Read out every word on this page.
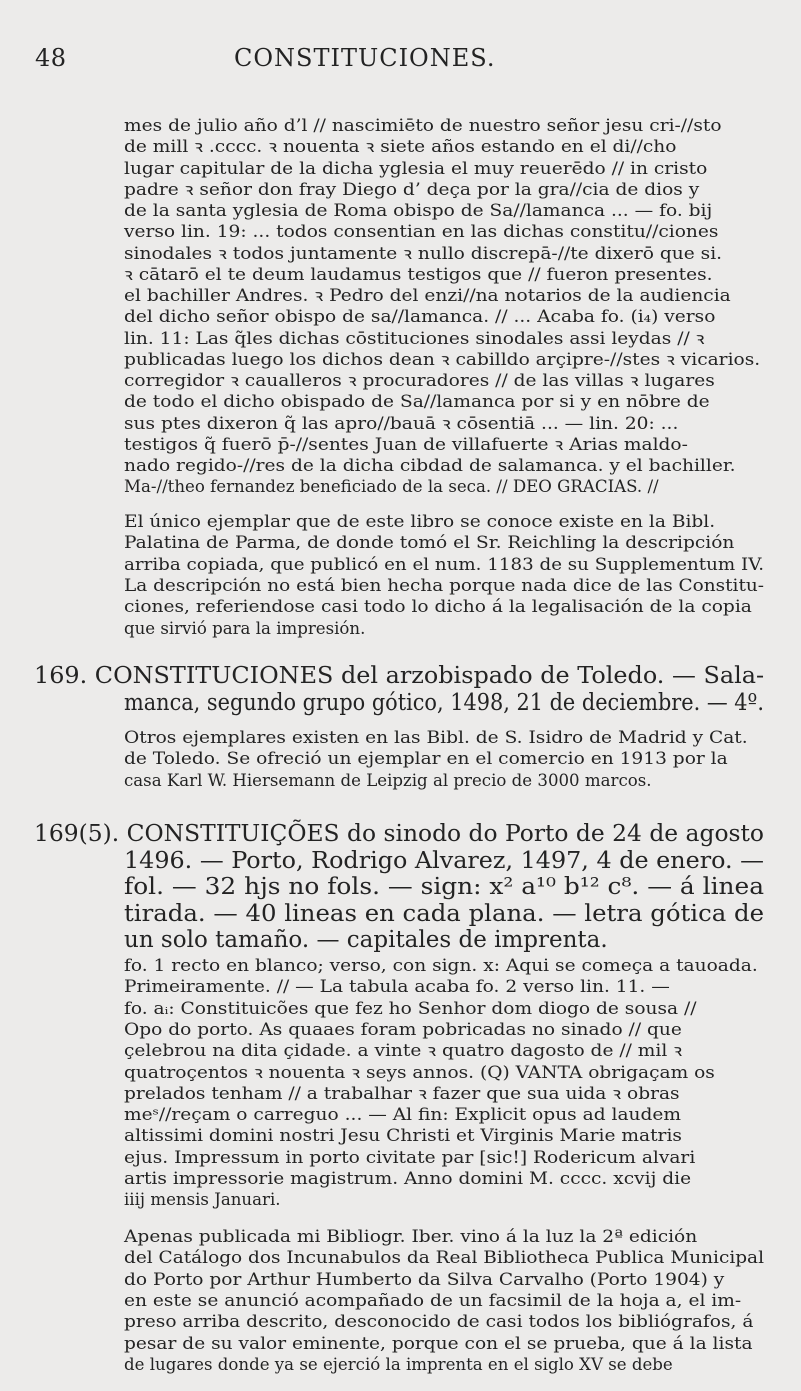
48	CONSTITUCIONES.
mes de julio año d’l // nascimiēto de nuestro señor jesu cri-//sto
de mill ꝛ .cccc. ꝛ nouenta ꝛ siete años estando en el di//cho
lugar capitular de la dicha yglesia el muy reuerēdo // in cristo
padre ꝛ señor don fray Diego d’ deça por la gra//cia de dios y
de la santa yglesia de Roma obispo de Sa//lamanca ... — fo. bij
verso lin. 19: ... todos consentian en las dichas constitu//ciones
sinodales ꝛ todos juntamente ꝛ nullo discrepā-//te dixerō que si.
ꝛ cātarō el te deum laudamus testigos que // fueron presentes.
el bachiller Andres. ꝛ Pedro del enzi//na notarios de la audiencia
del dicho señor obispo de sa//lamanca. // ... Acaba fo. (i₄) verso
lin. 11: Las q̃les dichas cōstituciones sinodales assi leydas // ꝛ
publicadas luego los dichos dean ꝛ cabilldo arçipre-//stes ꝛ vicarios.
corregidor ꝛ caualleros ꝛ procuradores // de las villas ꝛ lugares
de todo el dicho obispado de Sa//lamanca por si y en nōbre de
sus ptes dixeron q̃ las apro//bauā ꝛ cōsentiā ... — lin. 20: ...
testigos q̃ fuerō p̄-//sentes Juan de villafuerte ꝛ Arias maldo-
nado regido-//res de la dicha cibdad de salamanca. y el bachiller.
Ma-//theo fernandez beneficiado de la seca. // DEO GRACIAS. //
El único ejemplar que de este libro se conoce existe en la Bibl.
Palatina de Parma, de donde tomó el Sr. Reichling la descripción
arriba copiada, que publicó en el num. 1183 de su Supplementum IV.
La descripción no está bien hecha porque nada dice de las Constitu-
ciones, referiendose casi todo lo dicho á la legalisación de la copia
que sirvió para la impresión.
169. CONSTITUCIONES del arzobispado de Toledo. — Sala-
manca, segundo grupo gótico, 1498, 21 de deciembre. — 4º.
Otros ejemplares existen en las Bibl. de S. Isidro de Madrid y Cat.
de Toledo. Se ofreció un ejemplar en el comercio en 1913 por la
casa Karl W. Hiersemann de Leipzig al precio de 3000 marcos.
169(5). CONSTITUIÇÕES do sinodo do Porto de 24 de agosto
1496. — Porto, Rodrigo Alvarez, 1497, 4 de enero. —
fol. — 32 hjs no fols. — sign: x² a¹⁰ b¹² c⁸. — á linea
tirada. — 40 lineas en cada plana. — letra gótica de
un solo tamaño. — capitales de imprenta.
fo. 1 recto en blanco; verso, con sign. x: Aqui se começa a tauoada.
Primeiramente. // — La tabula acaba fo. 2 verso lin. 11. —
fo. aᵢ: Constituicões que fez ho Senhor dom diogo de sousa //
Opo do porto. As quaaes foram pobricadas no sinado // que
çelebrou na dita çidade. a vinte ꝛ quatro dagosto de // mil ꝛ
quatroçentos ꝛ nouenta ꝛ seys annos. (Q) VANTA obrigaçam os
prelados tenham // a trabalhar ꝛ fazer que sua uida ꝛ obras
meˢ//reçam o carreguo ... — Al fin: Explicit opus ad laudem
altissimi domini nostri Jesu Christi et Virginis Marie matris
ejus. Impressum in porto civitate par [sic!] Rodericum alvari
artis impressorie magistrum. Anno domini M. cccc. xcvij die
iiij mensis Januari.
Apenas publicada mi Bibliogr. Iber. vino á la luz la 2ª edición
del Catálogo dos Incunabulos da Real Bibliotheca Publica Municipal
do Porto por Arthur Humberto da Silva Carvalho (Porto 1904) y
en este se anunció acompañado de un facsimil de la hoja a, el im-
preso arriba descrito, desconocido de casi todos los bibliógrafos, á
pesar de su valor eminente, porque con el se prueba, que á la lista
de lugares donde ya se ejerció la imprenta en el siglo XV se debe
